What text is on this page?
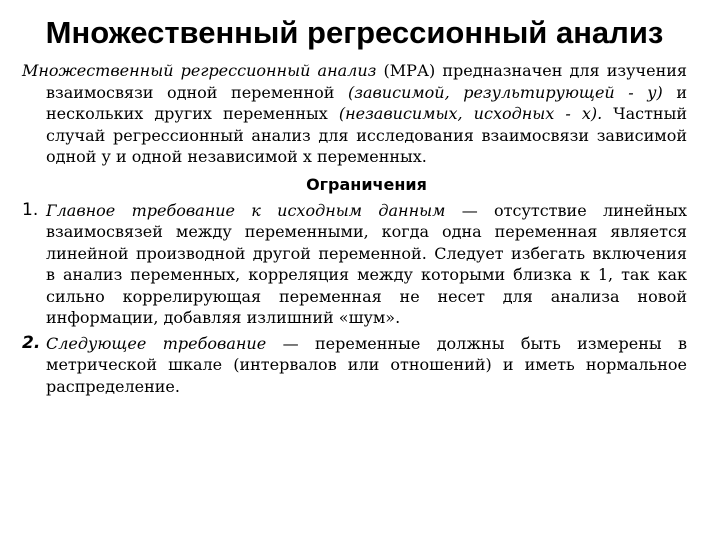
Множественный регрессионный анализ

Множественный регрессионный анализ (МРА) предназначен для изучения взаимосвязи одной переменной (зависимой, результирующей - у) и нескольких других переменных (независимых, исходных - х). Частный случай регрессионный анализ для исследования взаимосвязи зависимой одной у и одной независимой х переменных.

Ограничения
1. Главное требование к исходным данным — отсутствие линейных взаимосвязей между переменными, когда одна переменная является линейной производной другой переменной. Следует избегать включения в анализ переменных, корреляция между которыми близка к 1, так как сильно коррелирующая переменная не несет для анализа новой информации, добавляя излишний «шум».

2. Следующее требование — переменные должны быть измерены в метрической шкале (интервалов или отношений) и иметь нормальное распределение.
